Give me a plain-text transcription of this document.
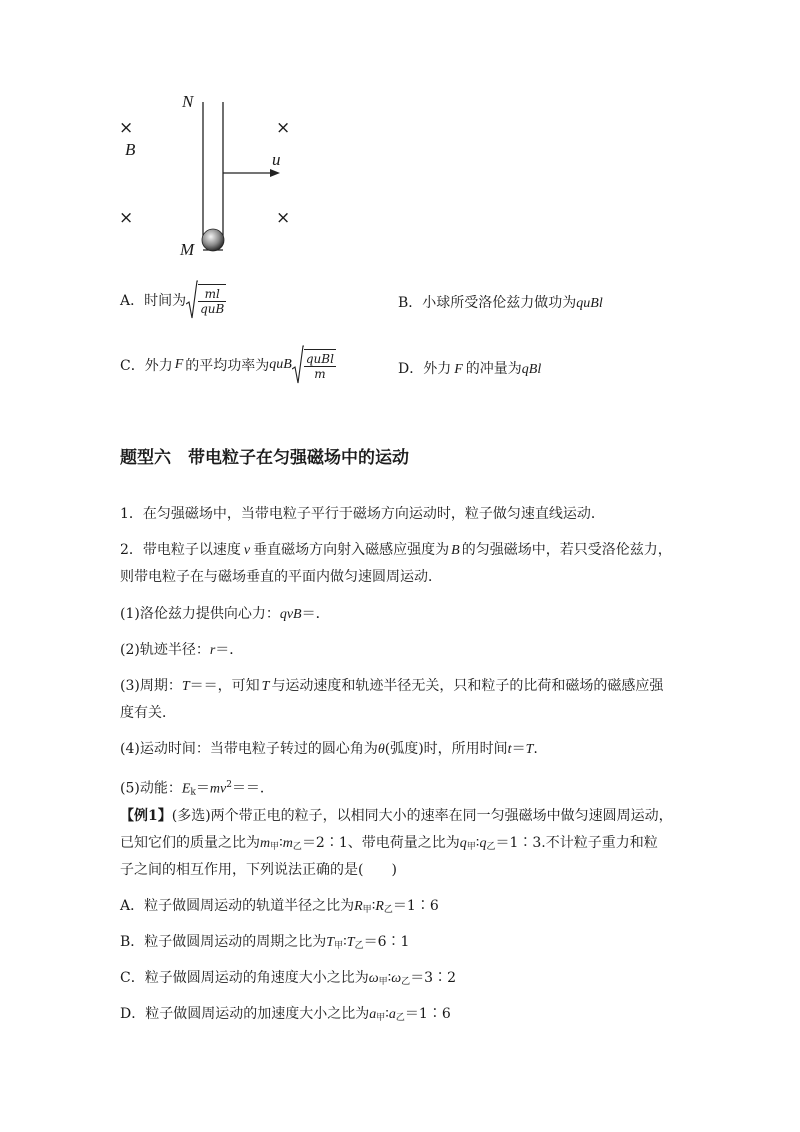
N
M
B
u
×	×
×	×
A．时间为 $\frac{ml}{\text{quB}}$	B．小球所受洛伦兹力做功为quBl
C．外力 F 的平均功率为 quB $\frac{\text{quBl}}{m}$	D．外力 F 的冲量为qBl
题型六　带电粒子在匀强磁场中的运动
1．在匀强磁场中，当带电粒子平行于磁场方向运动时，粒子做匀速直线运动．
2．带电粒子以速度 v 垂直磁场方向射入磁感应强度为 B 的匀强磁场中，若只受洛伦兹力，
则带电粒子在与磁场垂直的平面内做匀速圆周运动．
(1)洛伦兹力提供向心力：qvB＝．
(2)轨迹半径：r＝．
(3)周期：T＝＝，可知 T 与运动速度和轨迹半径无关，只和粒子的比荷和磁场的磁感应强
度有关．
(4)运动时间：当带电粒子转过的圆心角为θ(弧度)时，所用时间t＝T.
(5)动能：$E_k=mv^2==$．
【例1】(多选)两个带正电的粒子，以相同大小的速率在同一匀强磁场中做匀速圆周运动，
已知它们的质量之比为$m_甲∶m_乙=2∶1$、带电荷量之比为$q_甲∶q_乙=1∶3$.不计粒子重力和粒
子之间的相互作用，下列说法正确的是(　　)
A．粒子做圆周运动的轨道半径之比为$R_甲∶R_乙=1∶6$
B．粒子做圆周运动的周期之比为$T_甲∶T_乙=6∶1$
C．粒子做圆周运动的角速度大小之比为$\omega_甲∶\omega_乙=3∶2$
D．粒子做圆周运动的加速度大小之比为$a_甲∶a_乙=1∶6$
